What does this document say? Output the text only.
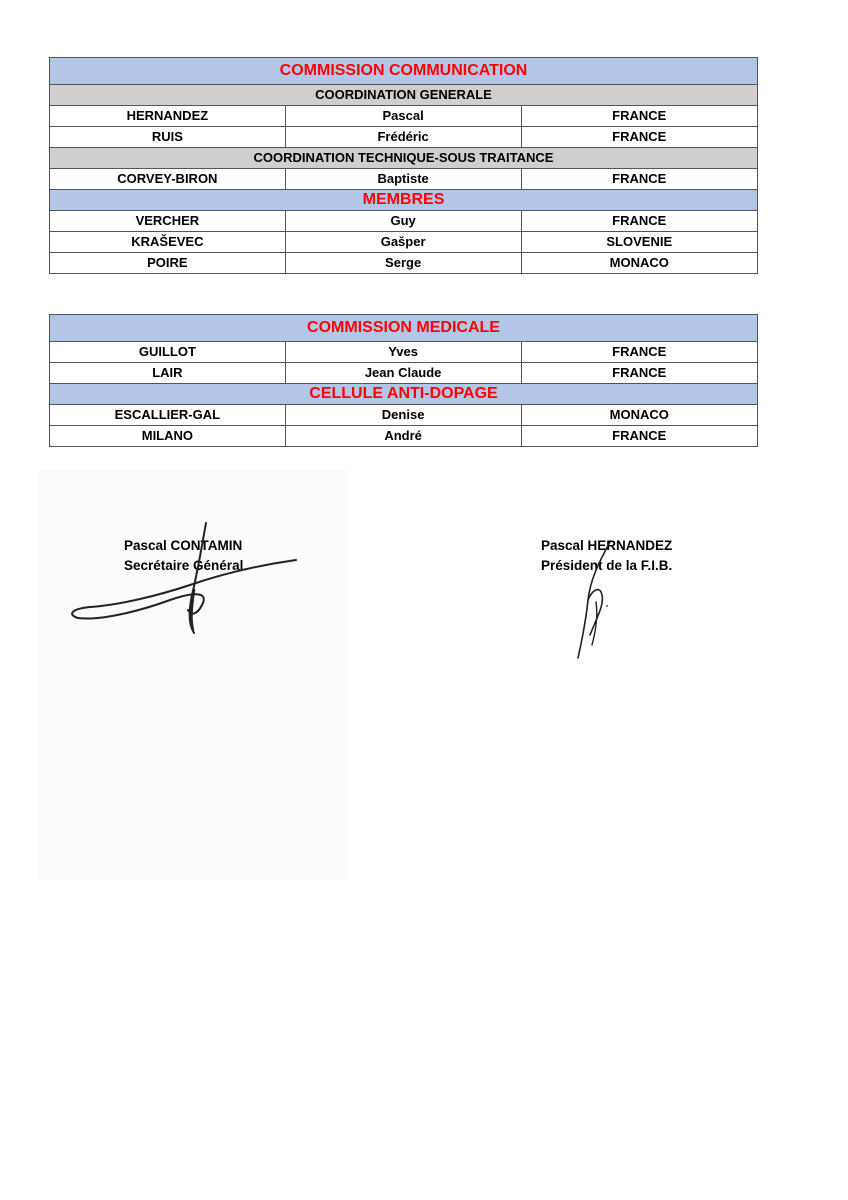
COMMISSION COMMUNICATION		
COORDINATION GENERALE		
HERNANDEZ	Pascal	FRANCE
RUIS	Frédéric	FRANCE
COORDINATION TECHNIQUE-SOUS TRAITANCE		
CORVEY-BIRON	Baptiste	FRANCE
MEMBRES		
VERCHER	Guy	FRANCE
KRAŠEVEC	Gašper	SLOVENIE
POIRE	Serge	MONACO
COMMISSION MEDICALE		
GUILLOT	Yves	FRANCE
LAIR	Jean Claude	FRANCE
CELLULE ANTI-DOPAGE		
ESCALLIER-GAL	Denise	MONACO
MILANO	André	FRANCE
Pascal CONTAMIN
Secrétaire Général
Pascal HERNANDEZ
Président de la F.I.B.
